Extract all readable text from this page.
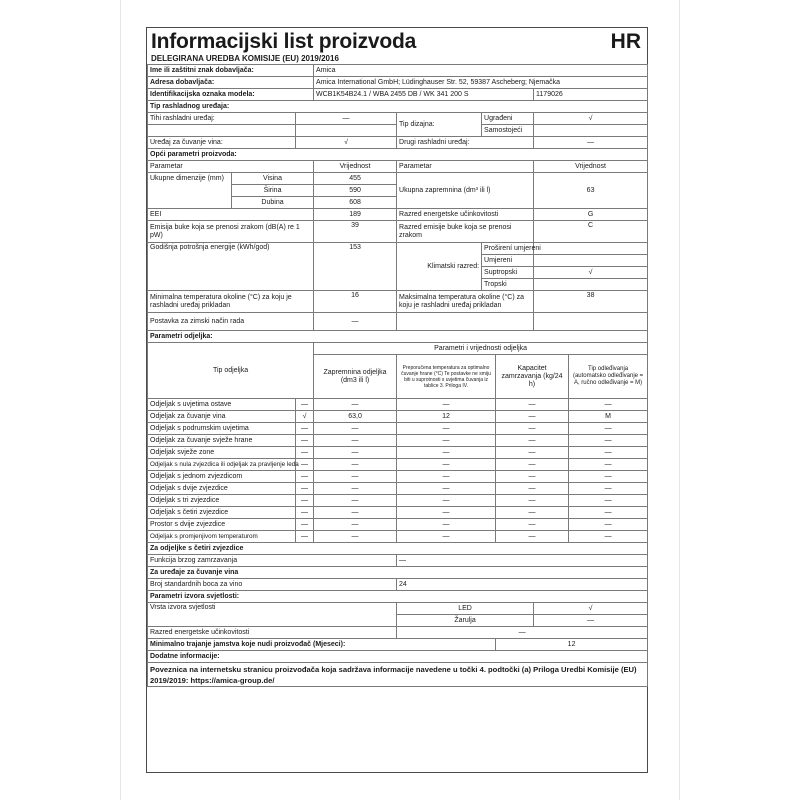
Informacijski list proizvoda	HR
DELEGIRANA UREDBA KOMISIJE (EU) 2019/2016
Ime ili zaštitni znak dobavljača:			Amica					
Adresa dobavljača:			Amica International GmbH; Lüdinghauser Str. 52, 59387 Ascheberg; Njemačka					
Identifikacijska oznaka modela:			WCB1K54B24.1 / WBA 2455 DB / WK 341 200 S				1179026	
Tip rashladnog uređaja:								
Tihi rashladni uređaj:		—		Tip dizajna:	Ugrađeni		√	
					Samostojeći			
Uređaj za čuvanje vina:		√		Drugi rashladni uređaj:			—	
Opći parametri proizvoda:								
Parametar			Vrijednost	Parametar			Vrijednost	
Ukupne dimenzije (mm)	Visina		455	Ukupna zapremnina (dm³ ili l)			63	
	Širina		590					
	Dubina		608					
EEI			189	Razred energetske učinkovitosti			G	
Emisija buke koja se prenosi zrakom (dB(A) re 1 pW)			39	Razred emisije buke koja se prenosi zrakom			C	
Godišnja potrošnja energije (kWh/god)			153	Klimatski razred:	Proširení umjereni			
					Umjereni			
					Suptropski		√	
					Tropski			
Minimalna temperatura okoline (°C) za koju je rashladni uređaj prikladan			16	Maksimalna temperatura okoline (°C) za koju je rashladni uređaj prikladan			38	
Postavka za zimski način rada			—					
Parametri odjeljka:								
Tip odjeljka			Parametri i vrijednosti odjeljka					
			Zapremnina odjeljka (dm3 ili l)	Preporučena temperatura za optimalno čuvanje hrane (°C) Te postavke ne smiju biti u suprotnosti s uvjetima čuvanja iz tablice 3. Priloga IV.		Kapacitet zamrzavanja (kg/24 h)		Tip odleđivanja (automatsko odleđivanje = A, ručno odleđivanje = M)
Odjeljak s uvjetima ostave		—	—	—		—		—
Odjeljak za čuvanje vina		√	63,0	12		—		M
Odjeljak s podrumskim uvjetima		—	—	—		—		—
Odjeljak za čuvanje svježe hrane		—	—	—		—		—
Odjeljak svježe zone		—	—	—		—		—
Odjeljak s nula zvjezdica ili odjeljak za pravljenje leda		—	—	—		—		—
Odjeljak s jednom zvjezdicom		—	—	—		—		—
Odjeljak s dvije zvjezdice		—	—	—		—		—
Odjeljak s tri zvjezdice		—	—	—		—		—
Odjeljak s četiri zvjezdice		—	—	—		—		—
Prostor s dvije zvjezdice		—	—	—		—		—
Odjeljak s promjenjivom temperaturom		—	—	—		—		—
Za odjeljke s četiri zvjezdice								
Funkcija brzog zamrzavanja				—				
Za uređaje za čuvanje vina								
Broj standardnih boca za vino				24				
Parametri izvora svjetlosti:								
Vrsta izvora svjetlosti				LED			√	
				Žarulja			—	
Razred energetske učinkovitosti				—				
Minimalno trajanje jamstva koje nudi proizvođač (Mjeseci):						12		
Dodatne informacije:								
Poveznica na internetsku stranicu proizvođača koja sadržava informacije navedene u točki 4. podtočki (a) Priloga Uredbi Komisije (EU) 2019/2019: https://amica-group.de/								
